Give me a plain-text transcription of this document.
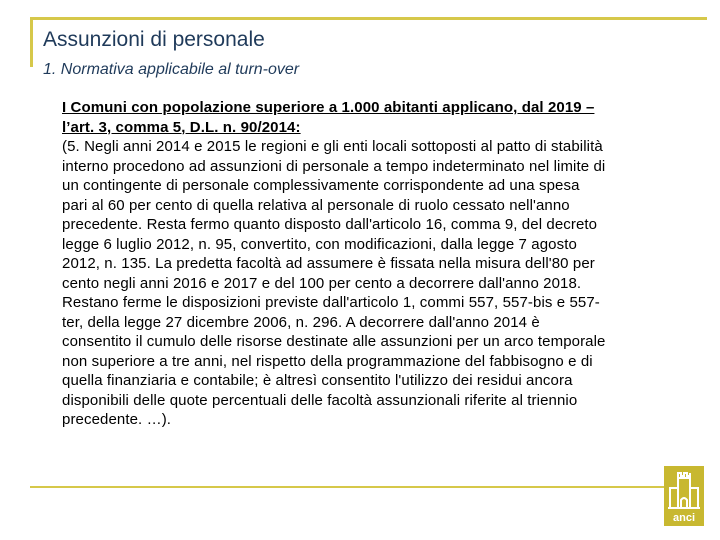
Assunzioni di personale
1. Normativa applicabile al turn-over
I Comuni con popolazione superiore a 1.000 abitanti applicano, dal 2019 – l’art. 3, comma 5, D.L. n. 90/2014:
(5. Negli anni 2014 e 2015 le regioni e gli enti locali sottoposti al patto di stabilità interno procedono ad assunzioni di personale a tempo indeterminato nel limite di un contingente di personale complessivamente corrispondente ad una spesa pari al 60 per cento di quella relativa al personale di ruolo cessato nell'anno precedente. Resta fermo quanto disposto dall'articolo 16, comma 9, del decreto legge 6 luglio 2012, n. 95, convertito, con modificazioni, dalla legge 7 agosto 2012, n. 135. La predetta facoltà ad assumere è fissata nella misura dell'80 per cento negli anni 2016 e 2017 e del 100 per cento a decorrere dall'anno 2018. Restano ferme le disposizioni previste dall'articolo 1, commi 557, 557-bis e 557-ter, della legge 27 dicembre 2006, n. 296. A decorrere dall'anno 2014 è consentito il cumulo delle risorse destinate alle assunzioni per un arco temporale non superiore a tre anni, nel rispetto della programmazione del fabbisogno e di quella finanziaria e contabile; è altresì consentito l'utilizzo dei residui ancora disponibili delle quote percentuali delle facoltà assunzionali riferite al triennio precedente. …).
anci
